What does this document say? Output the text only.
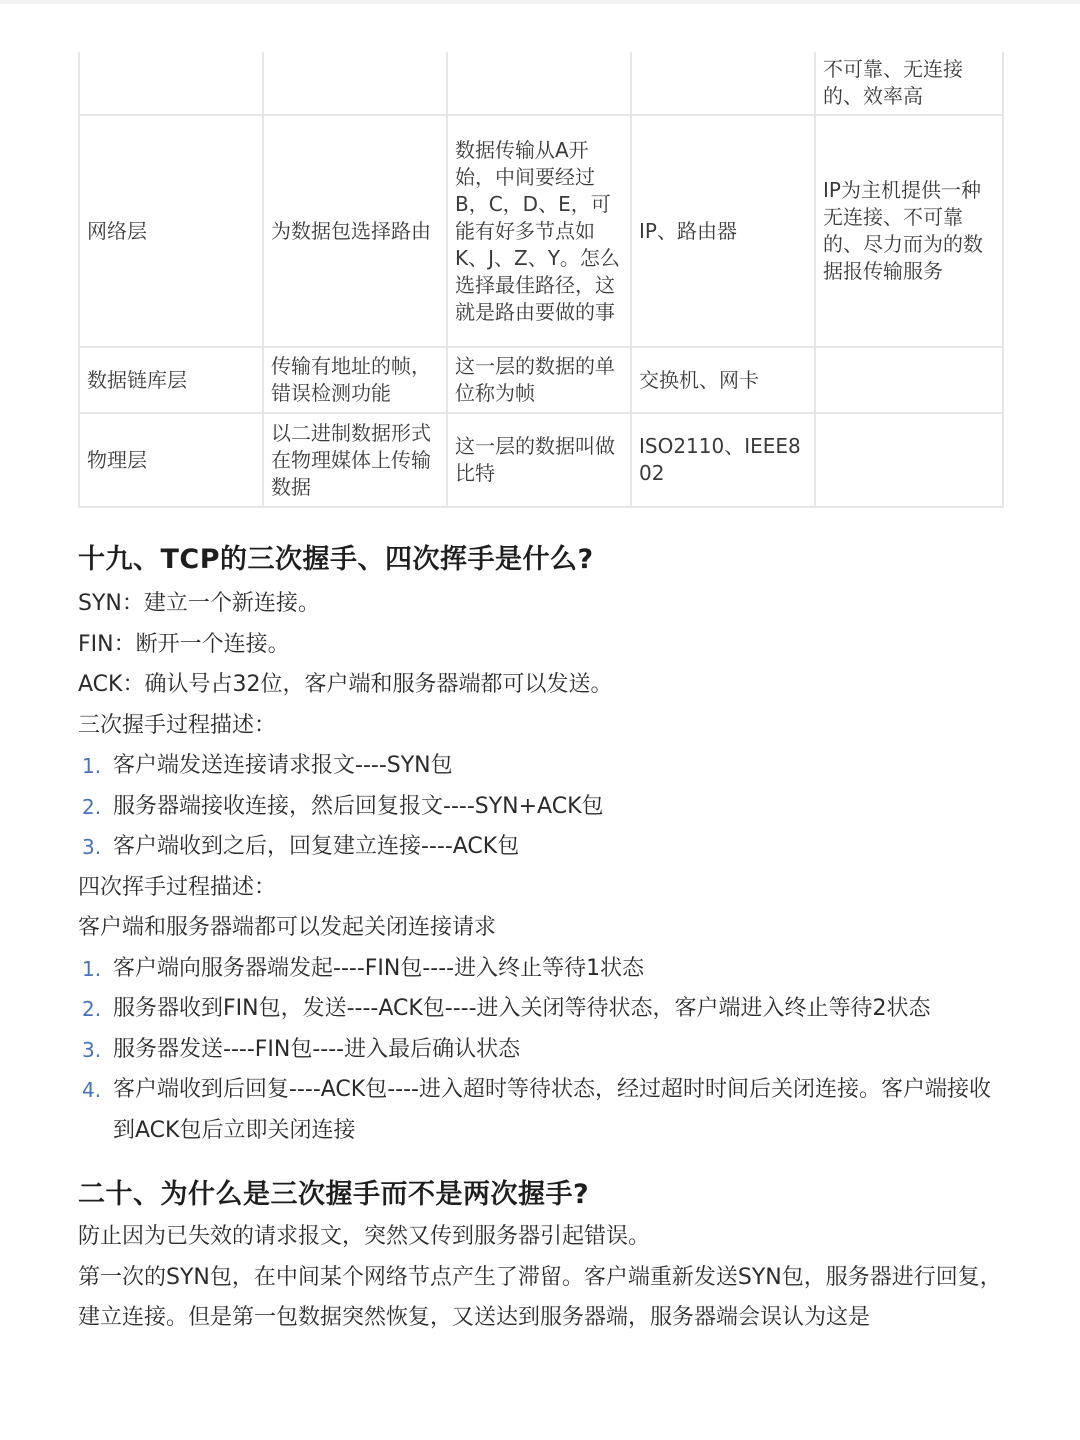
				不可靠、无连接的、效率高
网络层	为数据包选择路由	数据传输从A开始，中间要经过B，C，D、E，可能有好多节点如K、J、Z、Y。怎么选择最佳路径，这就是路由要做的事	IP、路由器	IP为主机提供一种无连接、不可靠的、尽力而为的数据报传输服务
数据链库层	传输有地址的帧，错误检测功能	这一层的数据的单位称为帧	交换机、网卡	
物理层	以二进制数据形式在物理媒体上传输数据	这一层的数据叫做比特	ISO2110、IEEE802	
十九、TCP的三次握手、四次挥手是什么?

SYN：建立一个新连接。

FIN：断开一个连接。

ACK：确认号占32位，客户端和服务器端都可以发送。

三次握手过程描述：

1. 客户端发送连接请求报文----SYN包
2. 服务器端接收连接，然后回复报文----SYN+ACK包
3. 客户端收到之后，回复建立连接----ACK包

四次挥手过程描述：

客户端和服务器端都可以发起关闭连接请求

1. 客户端向服务器端发起----FIN包----进入终止等待1状态
2. 服务器收到FIN包，发送----ACK包----进入关闭等待状态，客户端进入终止等待2状态
3. 服务器发送----FIN包----进入最后确认状态
4. 客户端收到后回复----ACK包----进入超时等待状态，经过超时时间后关闭连接。客户端接收到ACK包后立即关闭连接
二十、为什么是三次握手而不是两次握手?

防止因为已失效的请求报文，突然又传到服务器引起错误。

第一次的SYN包，在中间某个网络节点产生了滞留。客户端重新发送SYN包，服务器进行回复，建立连接。但是第一包数据突然恢复，又送达到服务器端，服务器端会误认为这是
